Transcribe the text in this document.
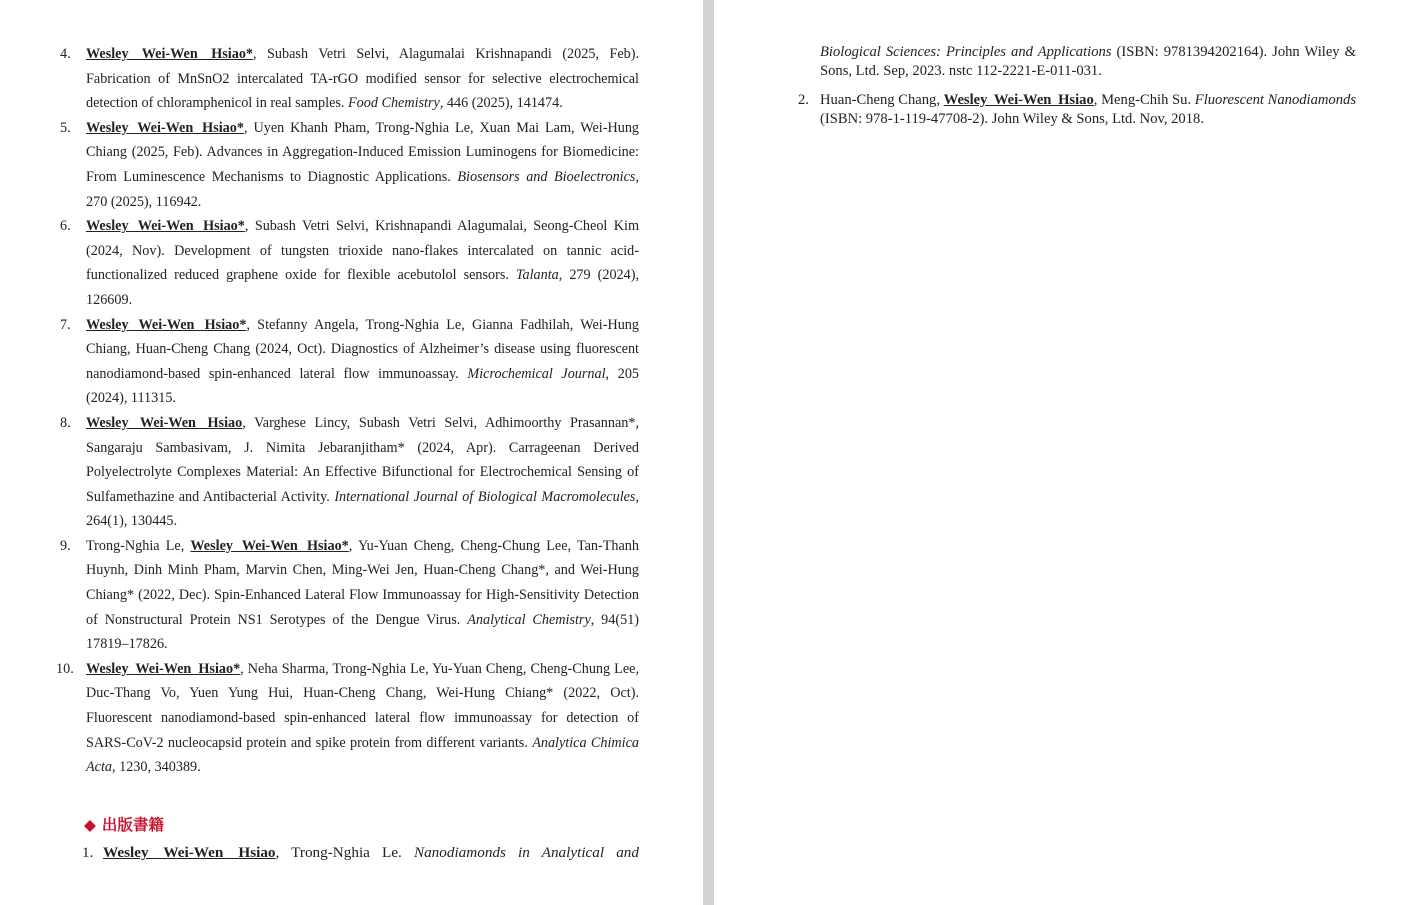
4.	Wesley Wei-Wen Hsiao*, Subash Vetri Selvi, Alagumalai Krishnapandi (2025, Feb). Fabrication of MnSnO2 intercalated TA-rGO modified sensor for selective electrochemical detection of chloramphenicol in real samples. Food Chemistry, 446 (2025), 141474.
5.	Wesley Wei-Wen Hsiao*, Uyen Khanh Pham, Trong-Nghia Le, Xuan Mai Lam, Wei-Hung Chiang (2025, Feb). Advances in Aggregation-Induced Emission Luminogens for Biomedicine: From Luminescence Mechanisms to Diagnostic Applications. Biosensors and Bioelectronics, 270 (2025), 116942.
6.	Wesley Wei-Wen Hsiao*, Subash Vetri Selvi, Krishnapandi Alagumalai, Seong-Cheol Kim (2024, Nov). Development of tungsten trioxide nano-flakes intercalated on tannic acid-functionalized reduced graphene oxide for flexible acebutolol sensors. Talanta, 279 (2024), 126609.
7.	Wesley Wei-Wen Hsiao*, Stefanny Angela, Trong-Nghia Le, Gianna Fadhilah, Wei-Hung Chiang, Huan-Cheng Chang (2024, Oct). Diagnostics of Alzheimer’s disease using fluorescent nanodiamond-based spin-enhanced lateral flow immunoassay. Microchemical Journal, 205 (2024), 111315.
8.	Wesley Wei-Wen Hsiao, Varghese Lincy, Subash Vetri Selvi, Adhimoorthy Prasannan*, Sangaraju Sambasivam, J. Nimita Jebaranjitham* (2024, Apr). Carrageenan Derived Polyelectrolyte Complexes Material: An Effective Bifunctional for Electrochemical Sensing of Sulfamethazine and Antibacterial Activity. International Journal of Biological Macromolecules, 264(1), 130445.
9.	Trong-Nghia Le, Wesley Wei-Wen Hsiao*, Yu-Yuan Cheng, Cheng-Chung Lee, Tan-Thanh Huynh, Dinh Minh Pham, Marvin Chen, Ming-Wei Jen, Huan-Cheng Chang*, and Wei-Hung Chiang* (2022, Dec). Spin-Enhanced Lateral Flow Immunoassay for High-Sensitivity Detection of Nonstructural Protein NS1 Serotypes of the Dengue Virus. Analytical Chemistry, 94(51) 17819–17826.
10. Wesley Wei-Wen Hsiao*, Neha Sharma, Trong-Nghia Le, Yu-Yuan Cheng, Cheng-Chung Lee, Duc-Thang Vo, Yuen Yung Hui, Huan-Cheng Chang, Wei-Hung Chiang* (2022, Oct). Fluorescent nanodiamond-based spin-enhanced lateral flow immunoassay for detection of SARS-CoV-2 nucleocapsid protein and spike protein from different variants. Analytica Chimica Acta, 1230, 340389.
◆ 出版書籍
1. Wesley Wei-Wen Hsiao, Trong-Nghia Le. Nanodiamonds in Analytical and
Biological Sciences: Principles and Applications (ISBN: 9781394202164). John Wiley & Sons, Ltd. Sep, 2023. nstc 112-2221-E-011-031.
2. Huan-Cheng Chang, Wesley Wei-Wen Hsiao, Meng-Chih Su. Fluorescent Nanodiamonds (ISBN: 978-1-119-47708-2). John Wiley & Sons, Ltd. Nov, 2018.
